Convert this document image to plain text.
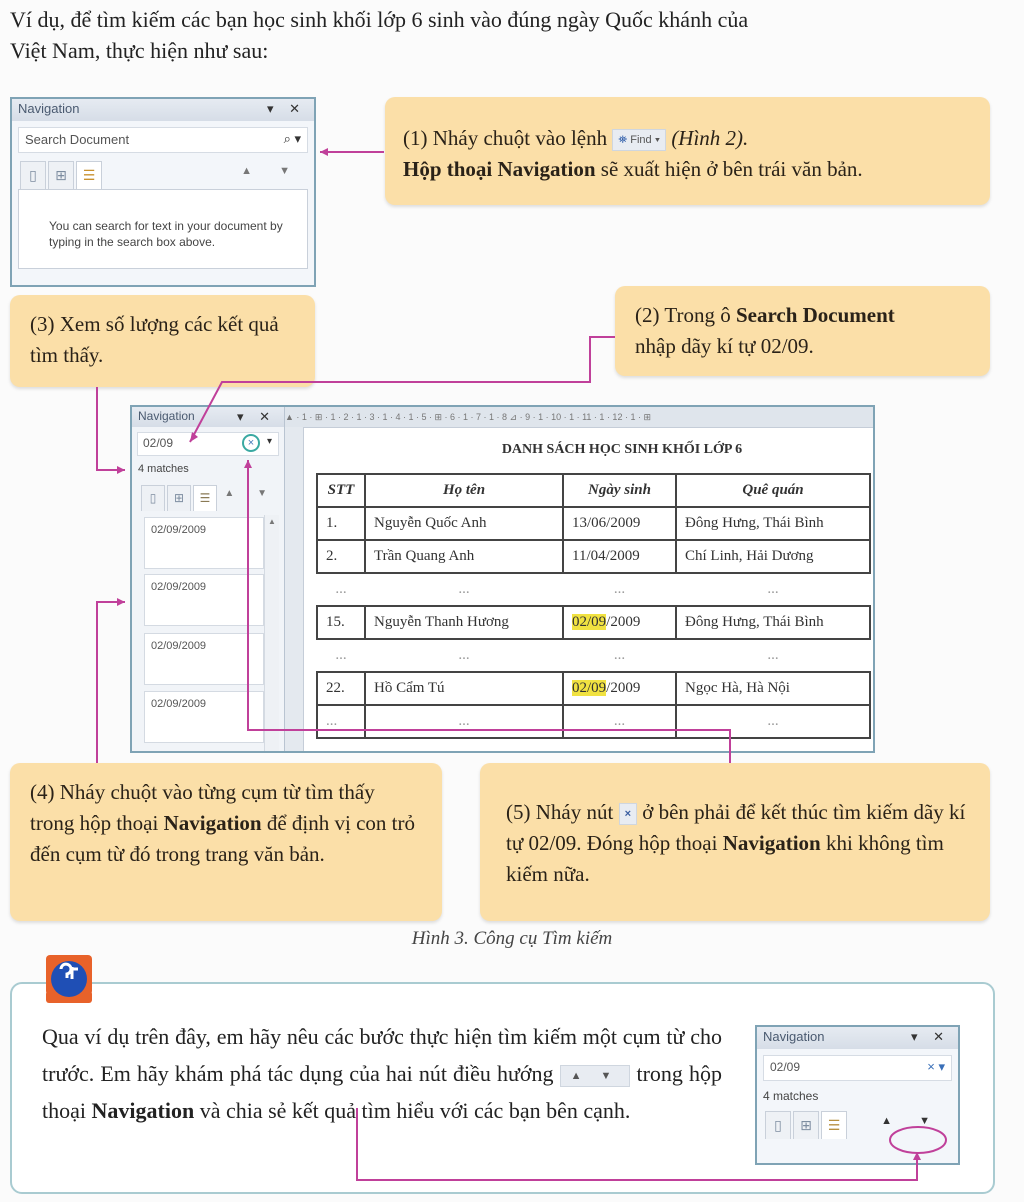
Ví dụ, để tìm kiếm các bạn học sinh khối lớp 6 sinh vào đúng ngày Quốc khánh của
Việt Nam, thực hiện như sau:
Navigation	▾ ✕
Search Document	⌕ ▾
▯	⊞	☰	▲ ▼
You can search for text in your document by typing in the search box above.
(1) Nháy chuột vào lệnh ⛯ Find ▾ (Hình 2).
Hộp thoại Navigation sẽ xuất hiện ở bên trái văn bản.
(3) Xem số lượng các kết quả tìm thấy.
(2) Trong ô Search Document
nhập dãy kí tự 02/09.
Navigation	▾ ✕
02/09	×	▾
4 matches
▯	⊞	☰	▲ ▼
02/09/2009
02/09/2009
02/09/2009
02/09/2009
▲
▲ · 1 · ⊞ · 1 · 2 · 1 · 3 · 1 · 4 · 1 · 5 · ⊞ · 6 · 1 · 7 · 1 · 8 ⊿ · 9 · 1 · 10 · 1 · 11 · 1 · 12 · 1 · ⊞
DANH SÁCH HỌC SINH KHỐI LỚP 6
STT	Họ tên	Ngày sinh	Quê quán
1.	Nguyễn Quốc Anh	13/06/2009	Đông Hưng, Thái Bình
2.	Trần Quang Anh	11/04/2009	Chí Linh, Hải Dương
...	...	...	...
15.	Nguyễn Thanh Hương	02/09/2009	Đông Hưng, Thái Bình
...	...	...	...
22.	Hồ Cẩm Tú	02/09/2009	Ngọc Hà, Hà Nội
...	...	...	...
(4) Nháy chuột vào từng cụm từ tìm thấy trong hộp thoại Navigation để định vị con trỏ đến cụm từ đó trong trang văn bản.
(5) Nháy nút × ở bên phải để kết thúc tìm kiếm dãy kí tự 02/09. Đóng hộp thoại Navigation khi không tìm kiếm nữa.
Hình 3. Công cụ Tìm kiếm
Qua ví dụ trên đây, em hãy nêu các bước thực hiện tìm kiếm một cụm từ cho trước. Em hãy khám phá tác dụng của hai nút điều hướng ▲ ▼ trong hộp thoại Navigation và chia sẻ kết quả tìm hiểu với các bạn bên cạnh.
Navigation	▾ ✕
02/09	× ▾
4 matches
▯	⊞	☰	▲ ▼
